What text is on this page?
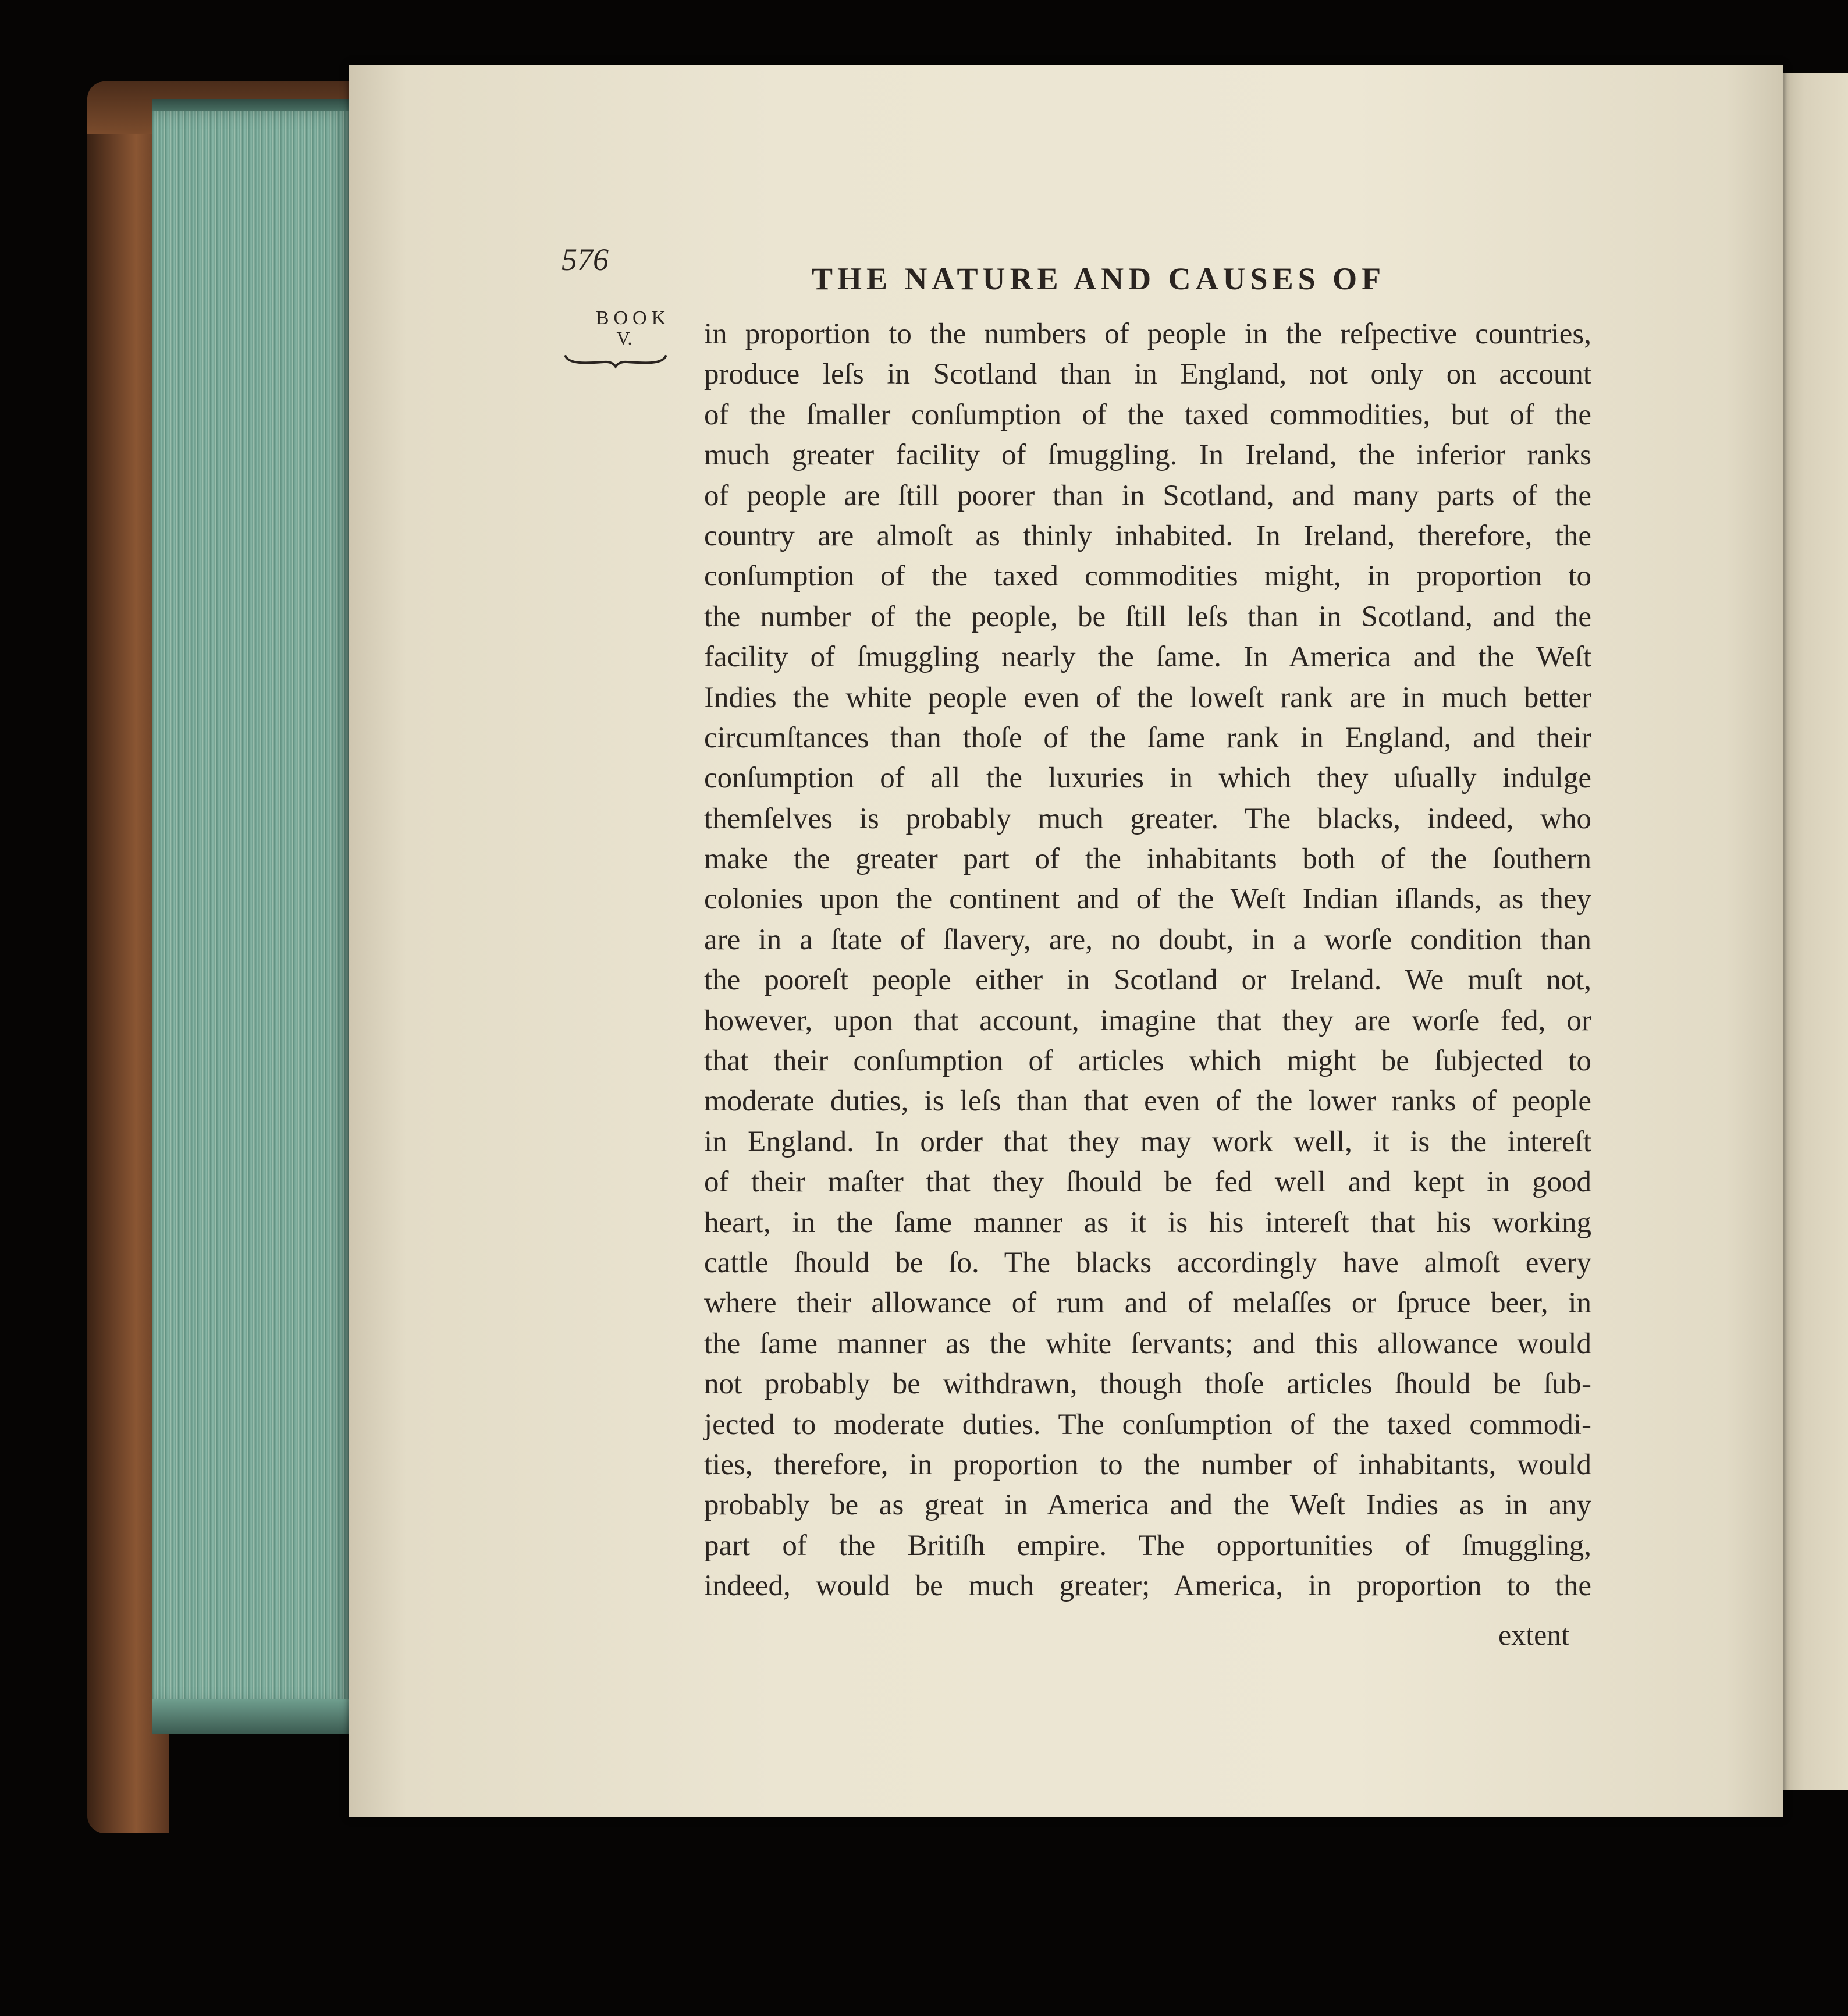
576
THE NATURE AND CAUSES OF
BOOK
V.	in proportion to the numbers of people in the reſpective countries,
produce leſs in Scotland than in England, not only on account
of the ſmaller conſumption of the taxed commodities, but of the
much greater facility of ſmuggling. In Ireland, the inferior ranks
of people are ſtill poorer than in Scotland, and many parts of the
country are almoſt as thinly inhabited. In Ireland, therefore, the
conſumption of the taxed commodities might, in proportion to
the number of the people, be ſtill leſs than in Scotland, and the
facility of ſmuggling nearly the ſame. In America and the Weſt
Indies the white people even of the loweſt rank are in much better
circumſtances than thoſe of the ſame rank in England, and their
conſumption of all the luxuries in which they uſually indulge
themſelves is probably much greater. The blacks, indeed, who
make the greater part of the inhabitants both of the ſouthern
colonies upon the continent and of the Weſt Indian iſlands, as they
are in a ſtate of ſlavery, are, no doubt, in a worſe condition than
the pooreſt people either in Scotland or Ireland. We muſt not,
however, upon that account, imagine that they are worſe fed, or
that their conſumption of articles which might be ſubjected to
moderate duties, is leſs than that even of the lower ranks of people
in England. In order that they may work well, it is the intereſt
of their maſter that they ſhould be fed well and kept in good
heart, in the ſame manner as it is his intereſt that his working
cattle ſhould be ſo. The blacks accordingly have almoſt every
where their allowance of rum and of melaſſes or ſpruce beer, in
the ſame manner as the white ſervants; and this allowance would
not probably be withdrawn, though thoſe articles ſhould be ſub-
jected to moderate duties. The conſumption of the taxed commodi-
ties, therefore, in proportion to the number of inhabitants, would
probably be as great in America and the Weſt Indies as in any
part of the Britiſh empire. The opportunities of ſmuggling,
indeed, would be much greater; America, in proportion to the
extent
